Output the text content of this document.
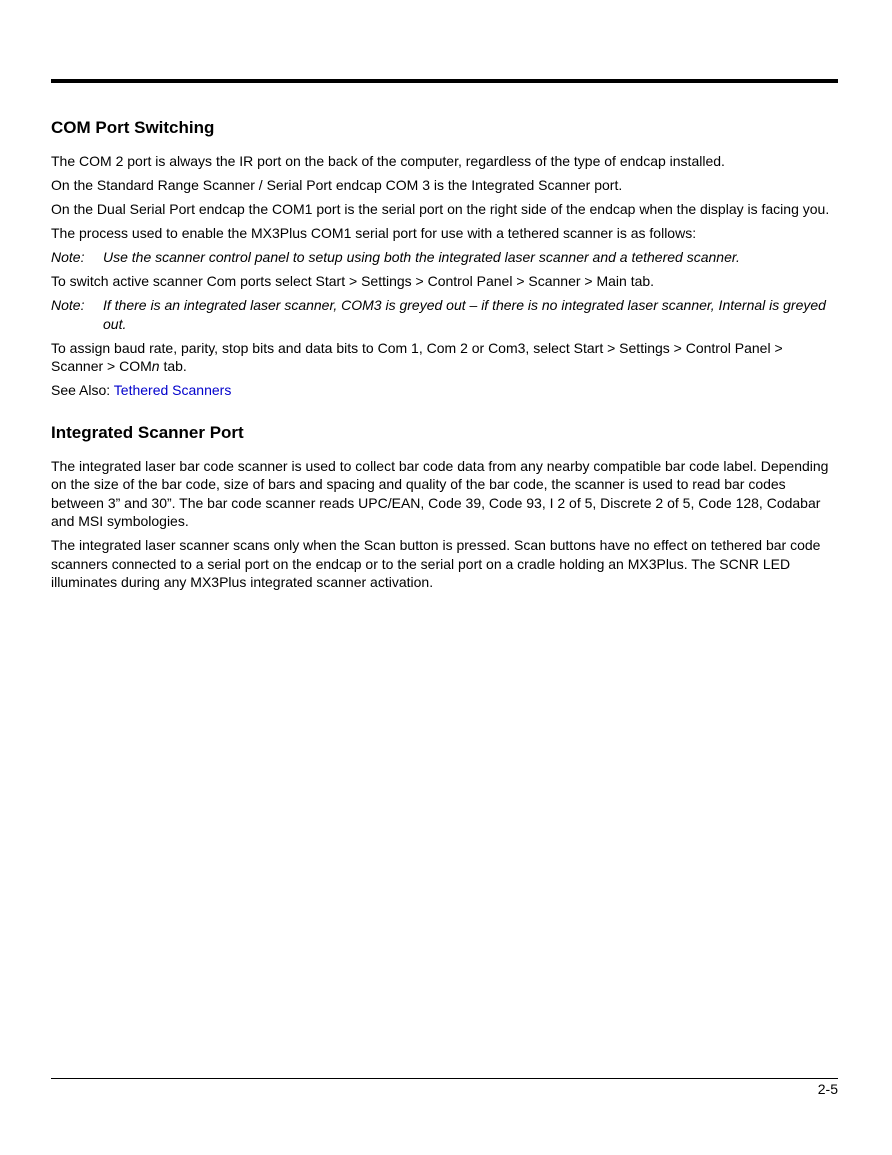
COM Port Switching

The COM 2 port is always the IR port on the back of the computer, regardless of the type of endcap installed.

On the Standard Range Scanner / Serial Port endcap COM 3 is the Integrated Scanner port.

On the Dual Serial Port endcap the COM1 port is the serial port on the right side of the endcap when the display is facing you.

The process used to enable the MX3Plus COM1 serial port for use with a tethered scanner is as follows:

Note: Use the scanner control panel to setup using both the integrated laser scanner and a tethered scanner.

To switch active scanner Com ports select Start > Settings > Control Panel > Scanner > Main tab.

Note: If there is an integrated laser scanner, COM3 is greyed out – if there is no integrated laser scanner, Internal is greyed out.

To assign baud rate, parity, stop bits and data bits to Com 1, Com 2 or Com3, select Start > Settings > Control Panel > Scanner > COMn tab.

See Also: Tethered Scanners

Integrated Scanner Port

The integrated laser bar code scanner is used to collect bar code data from any nearby compatible bar code label. Depending on the size of the bar code, size of bars and spacing and quality of the bar code, the scanner is used to read bar codes between 3” and 30”. The bar code scanner reads UPC/EAN, Code 39, Code 93, I 2 of 5, Discrete 2 of 5, Code 128, Codabar and MSI symbologies.

The integrated laser scanner scans only when the Scan button is pressed. Scan buttons have no effect on tethered bar code scanners connected to a serial port on the endcap or to the serial port on a cradle holding an MX3Plus. The SCNR LED illuminates during any MX3Plus integrated scanner activation.

2-5
